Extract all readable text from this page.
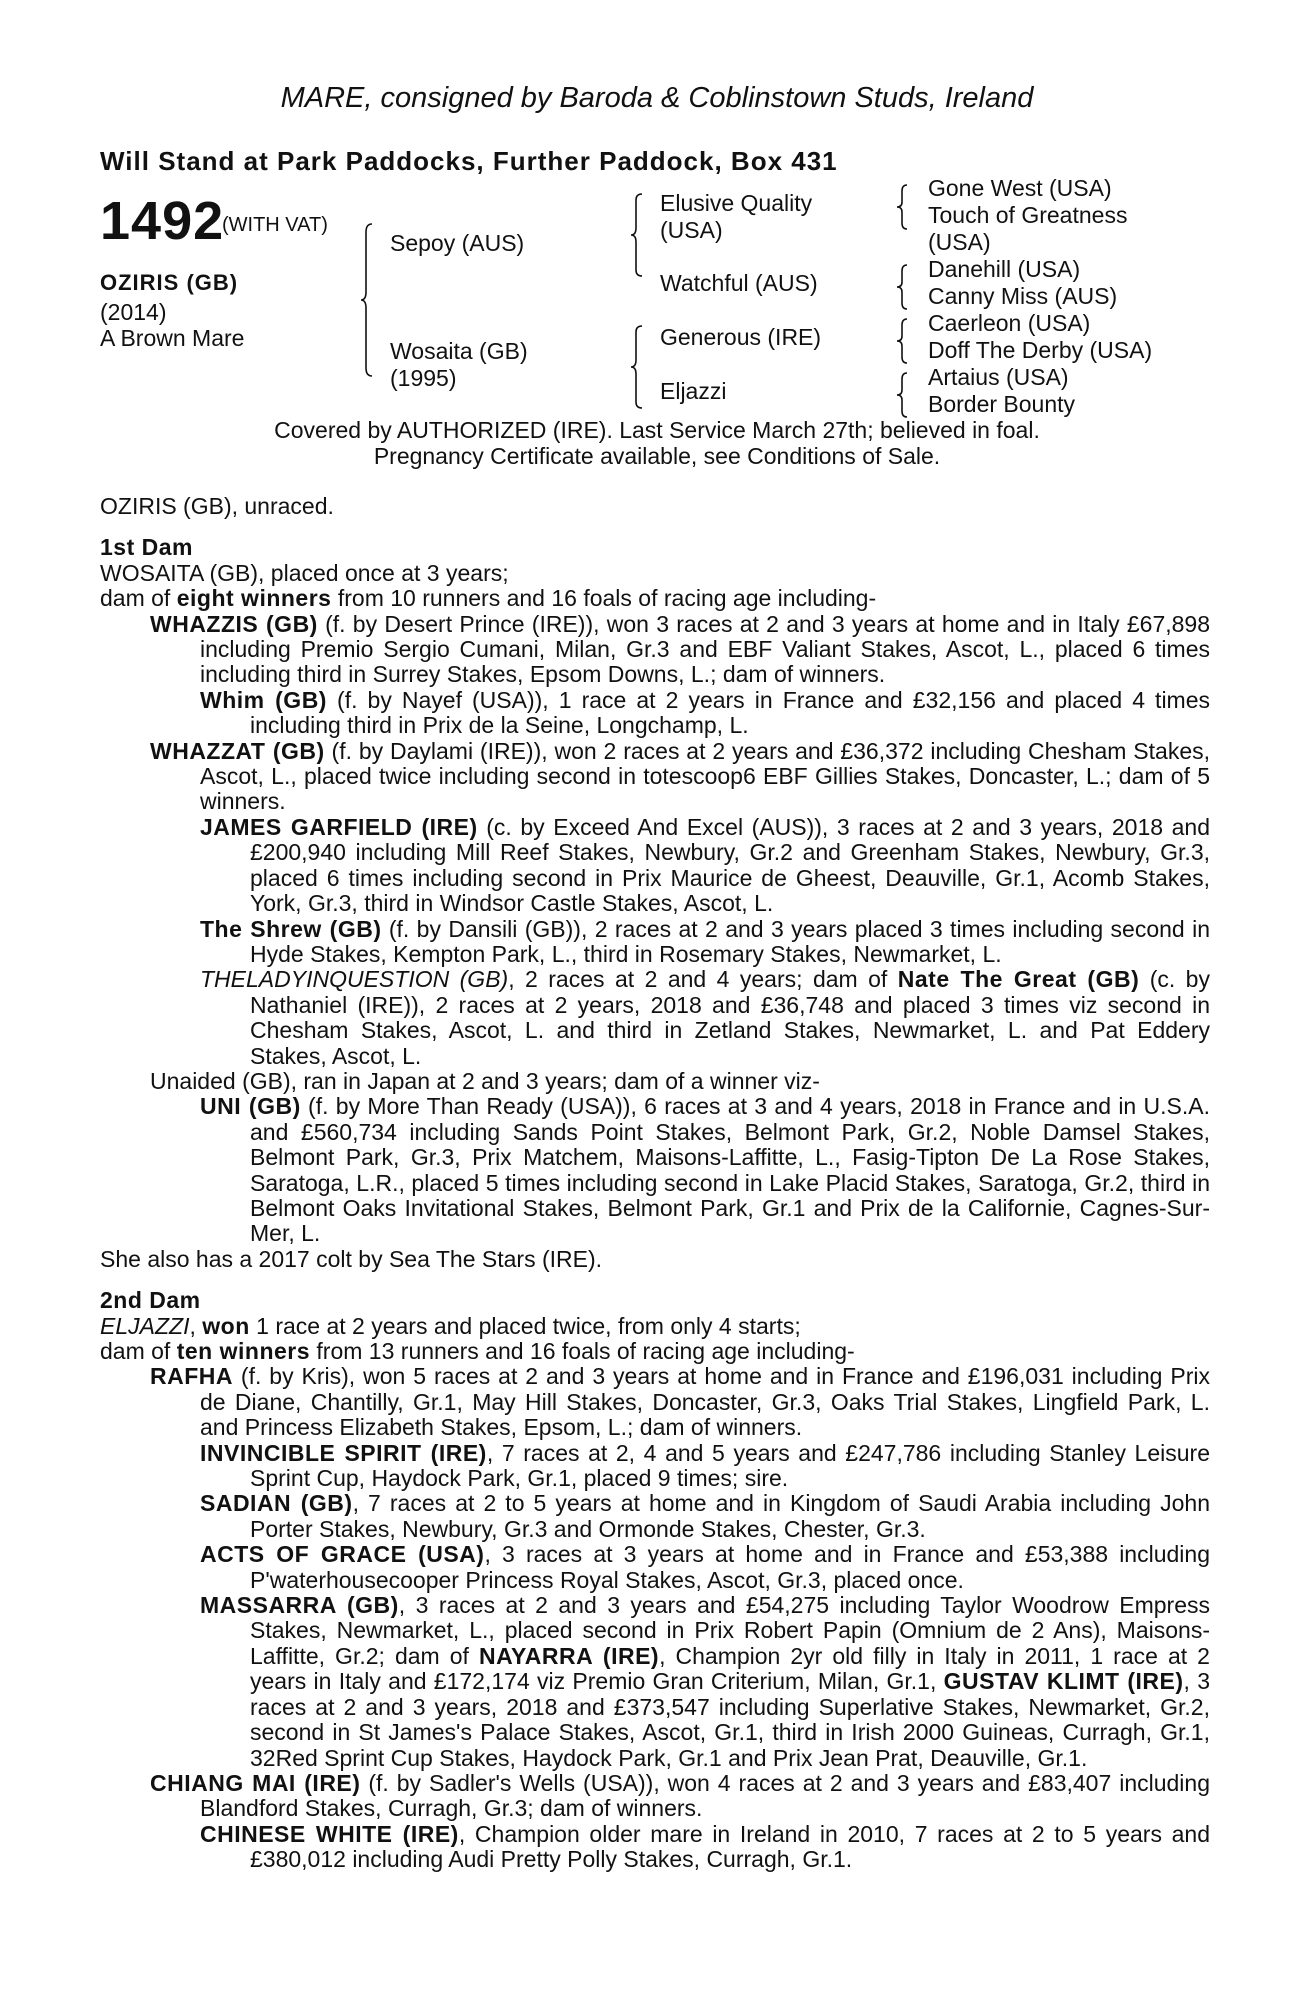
MARE, consigned by Baroda & Coblinstown Studs, Ireland
Will Stand at Park Paddocks, Further Paddock, Box 431
1492
(WITH VAT)
OZIRIS (GB)
(2014)
A Brown Mare
Sepoy (AUS)
Wosaita (GB)
(1995)
Elusive Quality
(USA)
Watchful (AUS)
Generous (IRE)
Eljazzi
Gone West (USA)
Touch of Greatness
(USA)
Danehill (USA)
Canny Miss (AUS)
Caerleon (USA)
Doff The Derby (USA)
Artaius (USA)
Border Bounty
Covered by AUTHORIZED (IRE). Last Service March 27th; believed in foal.
Pregnancy Certificate available, see Conditions of Sale.

OZIRIS (GB), unraced.

1st Dam

WOSAITA (GB), placed once at 3 years;

dam of eight winners from 10 runners and 16 foals of racing age including-

WHAZZIS (GB) (f. by Desert Prince (IRE)), won 3 races at 2 and 3 years at home and in Italy £67,898 including Premio Sergio Cumani, Milan, Gr.3 and EBF Valiant Stakes, Ascot, L., placed 6 times including third in Surrey Stakes, Epsom Downs, L.; dam of winners.

Whim (GB) (f. by Nayef (USA)), 1 race at 2 years in France and £32,156 and placed 4 times including third in Prix de la Seine, Longchamp, L.

WHAZZAT (GB) (f. by Daylami (IRE)), won 2 races at 2 years and £36,372 including Chesham Stakes, Ascot, L., placed twice including second in totescoop6 EBF Gillies Stakes, Doncaster, L.; dam of 5 winners.

JAMES GARFIELD (IRE) (c. by Exceed And Excel (AUS)), 3 races at 2 and 3 years, 2018 and £200,940 including Mill Reef Stakes, Newbury, Gr.2 and Greenham Stakes, Newbury, Gr.3, placed 6 times including second in Prix Maurice de Gheest, Deauville, Gr.1, Acomb Stakes, York, Gr.3, third in Windsor Castle Stakes, Ascot, L.

The Shrew (GB) (f. by Dansili (GB)), 2 races at 2 and 3 years placed 3 times including second in Hyde Stakes, Kempton Park, L., third in Rosemary Stakes, Newmarket, L.

THELADYINQUESTION (GB), 2 races at 2 and 4 years; dam of Nate The Great (GB) (c. by Nathaniel (IRE)), 2 races at 2 years, 2018 and £36,748 and placed 3 times viz second in Chesham Stakes, Ascot, L. and third in Zetland Stakes, Newmarket, L. and Pat Eddery Stakes, Ascot, L.

Unaided (GB), ran in Japan at 2 and 3 years; dam of a winner viz-

UNI (GB) (f. by More Than Ready (USA)), 6 races at 3 and 4 years, 2018 in France and in U.S.A. and £560,734 including Sands Point Stakes, Belmont Park, Gr.2, Noble Damsel Stakes, Belmont Park, Gr.3, Prix Matchem, Maisons-Laffitte, L., Fasig-Tipton De La Rose Stakes, Saratoga, L.R., placed 5 times including second in Lake Placid Stakes, Saratoga, Gr.2, third in Belmont Oaks Invitational Stakes, Belmont Park, Gr.1 and Prix de la Californie, Cagnes-Sur-Mer, L.

She also has a 2017 colt by Sea The Stars (IRE).

2nd Dam

ELJAZZI, won 1 race at 2 years and placed twice, from only 4 starts;

dam of ten winners from 13 runners and 16 foals of racing age including-

RAFHA (f. by Kris), won 5 races at 2 and 3 years at home and in France and £196,031 including Prix de Diane, Chantilly, Gr.1, May Hill Stakes, Doncaster, Gr.3, Oaks Trial Stakes, Lingfield Park, L. and Princess Elizabeth Stakes, Epsom, L.; dam of winners.

INVINCIBLE SPIRIT (IRE), 7 races at 2, 4 and 5 years and £247,786 including Stanley Leisure Sprint Cup, Haydock Park, Gr.1, placed 9 times; sire.

SADIAN (GB), 7 races at 2 to 5 years at home and in Kingdom of Saudi Arabia including John Porter Stakes, Newbury, Gr.3 and Ormonde Stakes, Chester, Gr.3.

ACTS OF GRACE (USA), 3 races at 3 years at home and in France and £53,388 including P'waterhousecooper Princess Royal Stakes, Ascot, Gr.3, placed once.

MASSARRA (GB), 3 races at 2 and 3 years and £54,275 including Taylor Woodrow Empress Stakes, Newmarket, L., placed second in Prix Robert Papin (Omnium de 2 Ans), Maisons-Laffitte, Gr.2; dam of NAYARRA (IRE), Champion 2yr old filly in Italy in 2011, 1 race at 2 years in Italy and £172,174 viz Premio Gran Criterium, Milan, Gr.1, GUSTAV KLIMT (IRE), 3 races at 2 and 3 years, 2018 and £373,547 including Superlative Stakes, Newmarket, Gr.2, second in St James's Palace Stakes, Ascot, Gr.1, third in Irish 2000 Guineas, Curragh, Gr.1, 32Red Sprint Cup Stakes, Haydock Park, Gr.1 and Prix Jean Prat, Deauville, Gr.1.

CHIANG MAI (IRE) (f. by Sadler's Wells (USA)), won 4 races at 2 and 3 years and £83,407 including Blandford Stakes, Curragh, Gr.3; dam of winners.

CHINESE WHITE (IRE), Champion older mare in Ireland in 2010, 7 races at 2 to 5 years and £380,012 including Audi Pretty Polly Stakes, Curragh, Gr.1.
